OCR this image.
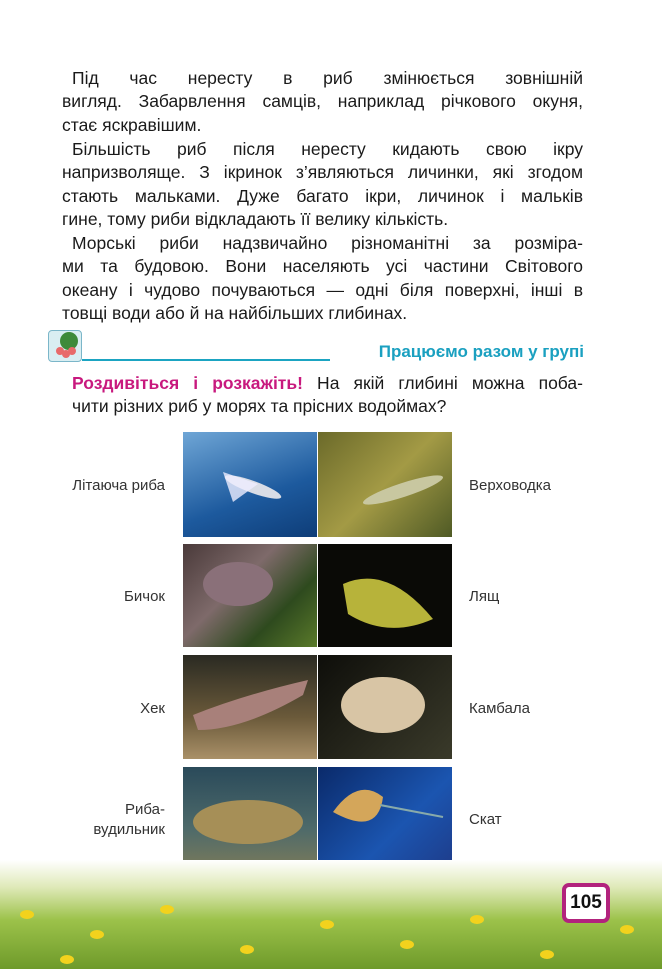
Під час нересту в риб змінюється зовнішній
вигляд. Забарвлення самців, наприклад річкового окуня,
стає яскравішим.
Більшість риб після нересту кидають свою ікру
напризволяще. З ікринок з’являються личинки, які згодом
стають мальками. Дуже багато ікри, личинок і мальків
гине, тому риби відкладають її велику кількість.
Морські риби надзвичайно різноманітні за розміра-
ми та будовою. Вони населяють усі частини Світового
океану і чудово почуваються — одні біля поверхні, інші в
товщі води або й на найбільших глибинах.
Працюємо разом у групі
Роздивіться і розкажіть! На якій глибині можна поба-
чити різних риб у морях та прісних водоймах?
Літаюча риба
Бичок
Хек
Риба-
вудильник
Верховодка
Лящ
Камбала
Скат
105
